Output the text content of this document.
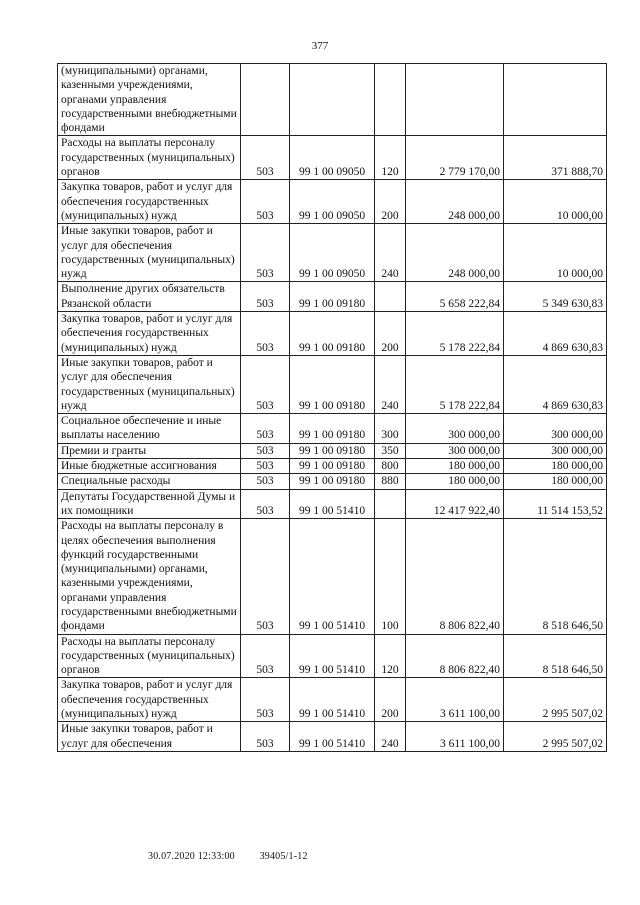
377
(муниципальными) органами, казенными учреждениями, органами управления государственными внебюджетными фондами					
Расходы на выплаты персоналу государственных (муниципальных) органов	503	99 1 00 09050	120	2 779 170,00	371 888,70
Закупка товаров, работ и услуг для обеспечения государственных (муниципальных) нужд	503	99 1 00 09050	200	248 000,00	10 000,00
Иные закупки товаров, работ и услуг для обеспечения государственных (муниципальных) нужд	503	99 1 00 09050	240	248 000,00	10 000,00
Выполнение других обязательств Рязанской области	503	99 1 00 09180		5 658 222,84	5 349 630,83
Закупка товаров, работ и услуг для обеспечения государственных (муниципальных) нужд	503	99 1 00 09180	200	5 178 222,84	4 869 630,83
Иные закупки товаров, работ и услуг для обеспечения государственных (муниципальных) нужд	503	99 1 00 09180	240	5 178 222,84	4 869 630,83
Социальное обеспечение и иные выплаты населению	503	99 1 00 09180	300	300 000,00	300 000,00
Премии и гранты	503	99 1 00 09180	350	300 000,00	300 000,00
Иные бюджетные ассигнования	503	99 1 00 09180	800	180 000,00	180 000,00
Специальные расходы	503	99 1 00 09180	880	180 000,00	180 000,00
Депутаты Государственной Думы и их помощники	503	99 1 00 51410		12 417 922,40	11 514 153,52
Расходы на выплаты персоналу в целях обеспечения выполнения функций государственными (муниципальными) органами, казенными учреждениями, органами управления государственными внебюджетными фондами	503	99 1 00 51410	100	8 806 822,40	8 518 646,50
Расходы на выплаты персоналу государственных (муниципальных) органов	503	99 1 00 51410	120	8 806 822,40	8 518 646,50
Закупка товаров, работ и услуг для обеспечения государственных (муниципальных) нужд	503	99 1 00 51410	200	3 611 100,00	2 995 507,02
Иные закупки товаров, работ и услуг для обеспечения	503	99 1 00 51410	240	3 611 100,00	2 995 507,02
30.07.2020 12:33:00 39405/1-12
